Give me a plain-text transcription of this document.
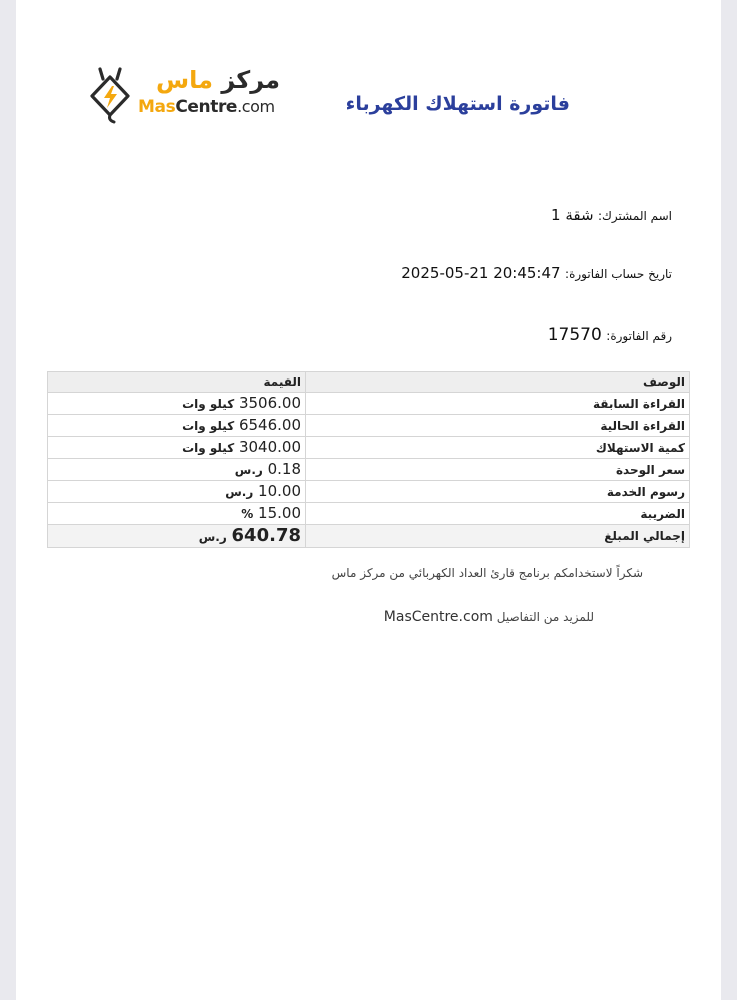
مركز ماس
MasCentre.com	فاتورة استهلاك الكهرباء
اسم المشترك: شقة 1
تاريخ حساب الفاتورة: 2025-05-21 20:45:47
رقم الفاتورة: 17570
القيمة	الوصف
3506.00 كيلو وات	القراءة السابقة
6546.00 كيلو وات	القراءة الحالية
3040.00 كيلو وات	كمية الاستهلاك
0.18 ر.س	سعر الوحدة
10.00 ر.س	رسوم الخدمة
15.00 %	الضريبة
640.78 ر.س	إجمالي المبلغ
شكراً لاستخدامكم برنامج قارئ العداد الكهربائي من مركز ماس
للمزيد من التفاصيل MasCentre.com
